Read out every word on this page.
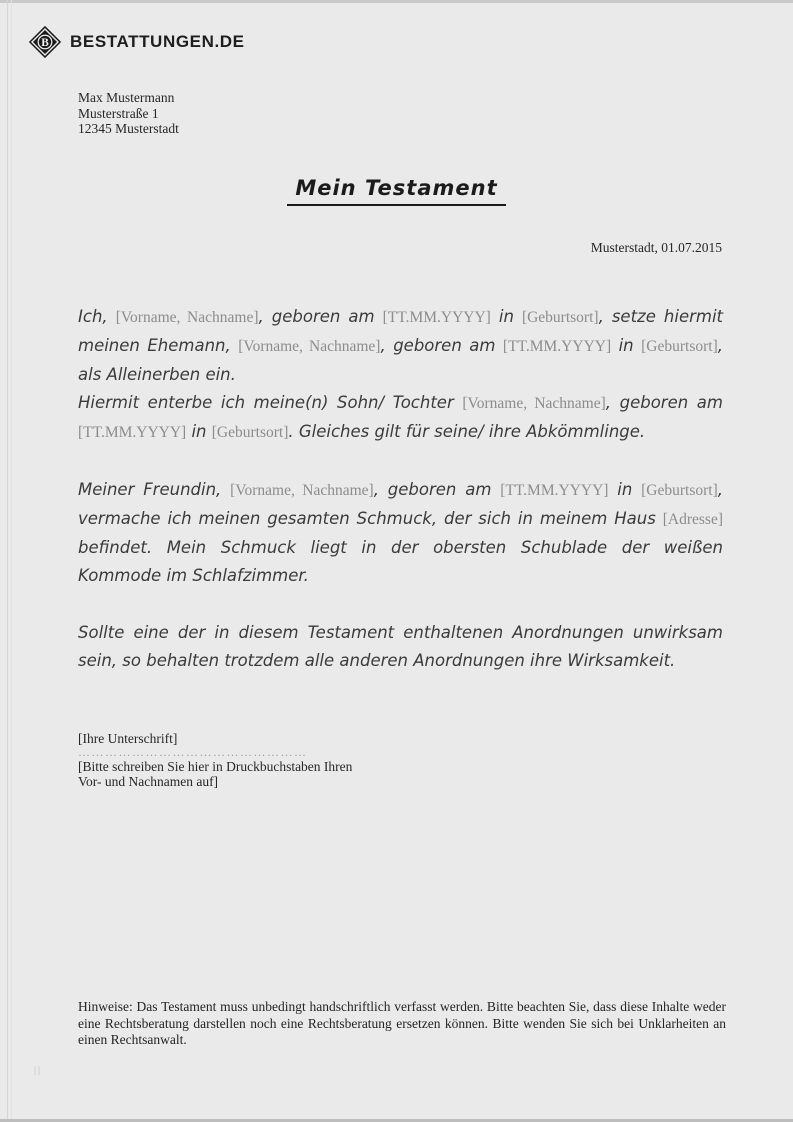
B BESTATTUNGEN.DE
Max Mustermann
Musterstraße 1
12345 Musterstadt
Mein Testament
Musterstadt, 01.07.2015

Ich, [Vorname, Nachname], geboren am [TT.MM.YYYY] in [Geburtsort], setze hiermit meinen Ehemann, [Vorname, Nachname], geboren am [TT.MM.YYYY] in [Geburtsort], als Alleinerben ein.

Hiermit enterbe ich meine(n) Sohn/ Tochter [Vorname, Nachname], geboren am [TT.MM.YYYY] in [Geburtsort]. Gleiches gilt für seine/ ihre Abkömmlinge.

Meiner Freundin, [Vorname, Nachname], geboren am [TT.MM.YYYY] in [Geburtsort], vermache ich meinen gesamten Schmuck, der sich in meinem Haus [Adresse] befindet. Mein Schmuck liegt in der obersten Schublade der weißen Kommode im Schlafzimmer.

Sollte eine der in diesem Testament enthaltenen Anordnungen unwirksam sein, so behalten trotzdem alle anderen Anordnungen ihre Wirksamkeit.

[Ihre Unterschrift]
……………………………………………
[Bitte schreiben Sie hier in Druckbuchstaben Ihren
Vor- und Nachnamen auf]
Hinweise: Das Testament muss unbedingt handschriftlich verfasst werden. Bitte beachten Sie, dass diese Inhalte weder eine Rechtsberatung darstellen noch eine Rechtsberatung ersetzen können. Bitte wenden Sie sich bei Unklarheiten an einen Rechtsanwalt.
